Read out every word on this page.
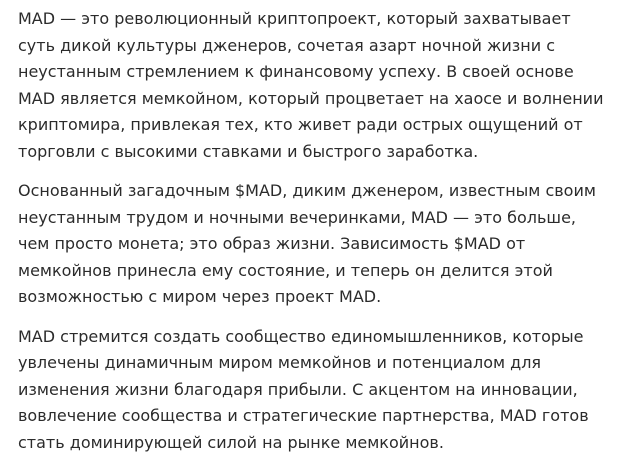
MAD — это революционный криптопроект, который захватывает
суть дикой культуры дженеров, сочетая азарт ночной жизни с
неустанным стремлением к финансовому успеху. В своей основе
MAD является мемкойном, который процветает на хаосе и волнении
криптомира, привлекая тех, кто живет ради острых ощущений от
торговли с высокими ставками и быстрого заработка.
Основанный загадочным $MAD, диким дженером, известным своим
неустанным трудом и ночными вечеринками, MAD — это больше,
чем просто монета; это образ жизни. Зависимость $MAD от
мемкойнов принесла ему состояние, и теперь он делится этой
возможностью с миром через проект MAD.
MAD стремится создать сообщество единомышленников, которые
увлечены динамичным миром мемкойнов и потенциалом для
изменения жизни благодаря прибыли. С акцентом на инновации,
вовлечение сообщества и стратегические партнерства, MAD готов
стать доминирующей силой на рынке мемкойнов.
